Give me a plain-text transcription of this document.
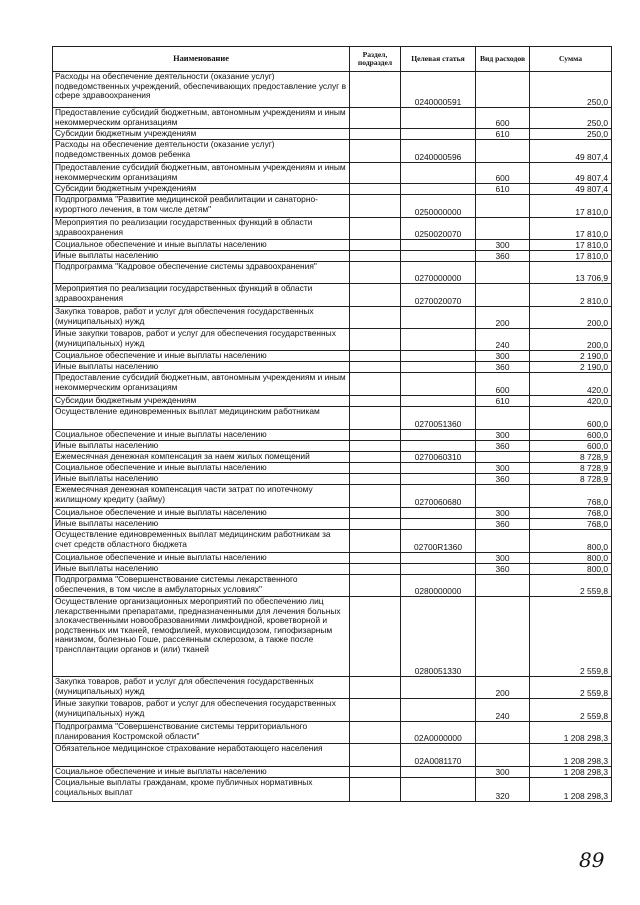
Наименование	Раздел, подраздел	Целевая статья	Вид расходов	Сумма
Расходы на обеспечение деятельности (оказание услуг) подведомственных учреждений, обеспечивающих предоставление услуг в сфере здравоохранения		0240000591		250,0
Предоставление субсидий бюджетным, автономным учреждениям и иным некоммерческим организациям			600	250,0
Субсидии бюджетным учреждениям			610	250,0
Расходы на обеспечение деятельности (оказание услуг) подведомственных домов ребенка		0240000596		49 807,4
Предоставление субсидий бюджетным, автономным учреждениям и иным некоммерческим организациям			600	49 807,4
Субсидии бюджетным учреждениям			610	49 807,4
Подпрограмма "Развитие медицинской реабилитации и санаторно-курортного лечения, в том числе детям"		0250000000		17 810,0
Мероприятия по реализации государственных функций в области здравоохранения		0250020070		17 810,0
Социальное обеспечение и иные выплаты населению			300	17 810,0
Иные выплаты населению			360	17 810,0
Подпрограмма "Кадровое обеспечение системы здравоохранения"		0270000000		13 706,9
Мероприятия по реализации государственных функций в области здравоохранения		0270020070		2 810,0
Закупка товаров, работ и услуг для обеспечения государственных (муниципальных) нужд			200	200,0
Иные закупки товаров, работ и услуг для обеспечения государственных (муниципальных) нужд			240	200,0
Социальное обеспечение и иные выплаты населению			300	2 190,0
Иные выплаты населению			360	2 190,0
Предоставление субсидий бюджетным, автономным учреждениям и иным некоммерческим организациям			600	420,0
Субсидии бюджетным учреждениям			610	420,0
Осуществление единовременных выплат медицинским работникам		0270051360		600,0
Социальное обеспечение и иные выплаты населению			300	600,0
Иные выплаты населению			360	600,0
Ежемесячная денежная компенсация за наем жилых помещений		0270060310		8 728,9
Социальное обеспечение и иные выплаты населению			300	8 728,9
Иные выплаты населению			360	8 728,9
Ежемесячная денежная компенсация части затрат по ипотечному жилищному кредиту (займу)		0270060680		768,0
Социальное обеспечение и иные выплаты населению			300	768,0
Иные выплаты населению			360	768,0
Осуществление единовременных выплат медицинским работникам за счет средств областного бюджета		02700R1360		800,0
Социальное обеспечение и иные выплаты населению			300	800,0
Иные выплаты населению			360	800,0
Подпрограмма "Совершенствование системы лекарственного обеспечения, в том числе в амбулаторных условиях"		0280000000		2 559,8
Осуществление организационных мероприятий по обеспечению лиц лекарственными препаратами, предназначенными для лечения больных злокачественными новообразованиями лимфоидной, кроветворной и родственных им тканей, гемофилией, муковисцидозом, гипофизарным нанизмом, болезнью Гоше, рассеянным склерозом, а также после трансплантации органов и (или) тканей		0280051330		2 559,8
Закупка товаров, работ и услуг для обеспечения государственных (муниципальных) нужд			200	2 559,8
Иные закупки товаров, работ и услуг для обеспечения государственных (муниципальных) нужд			240	2 559,8
Подпрограмма "Совершенствование системы территориального планирования Костромской области"		02А0000000		1 208 298,3
Обязательное медицинское страхование неработающего населения		02А0081170		1 208 298,3
Социальное обеспечение и иные выплаты населению			300	1 208 298,3
Социальные выплаты гражданам, кроме публичных нормативных социальных выплат			320	1 208 298,3
89
